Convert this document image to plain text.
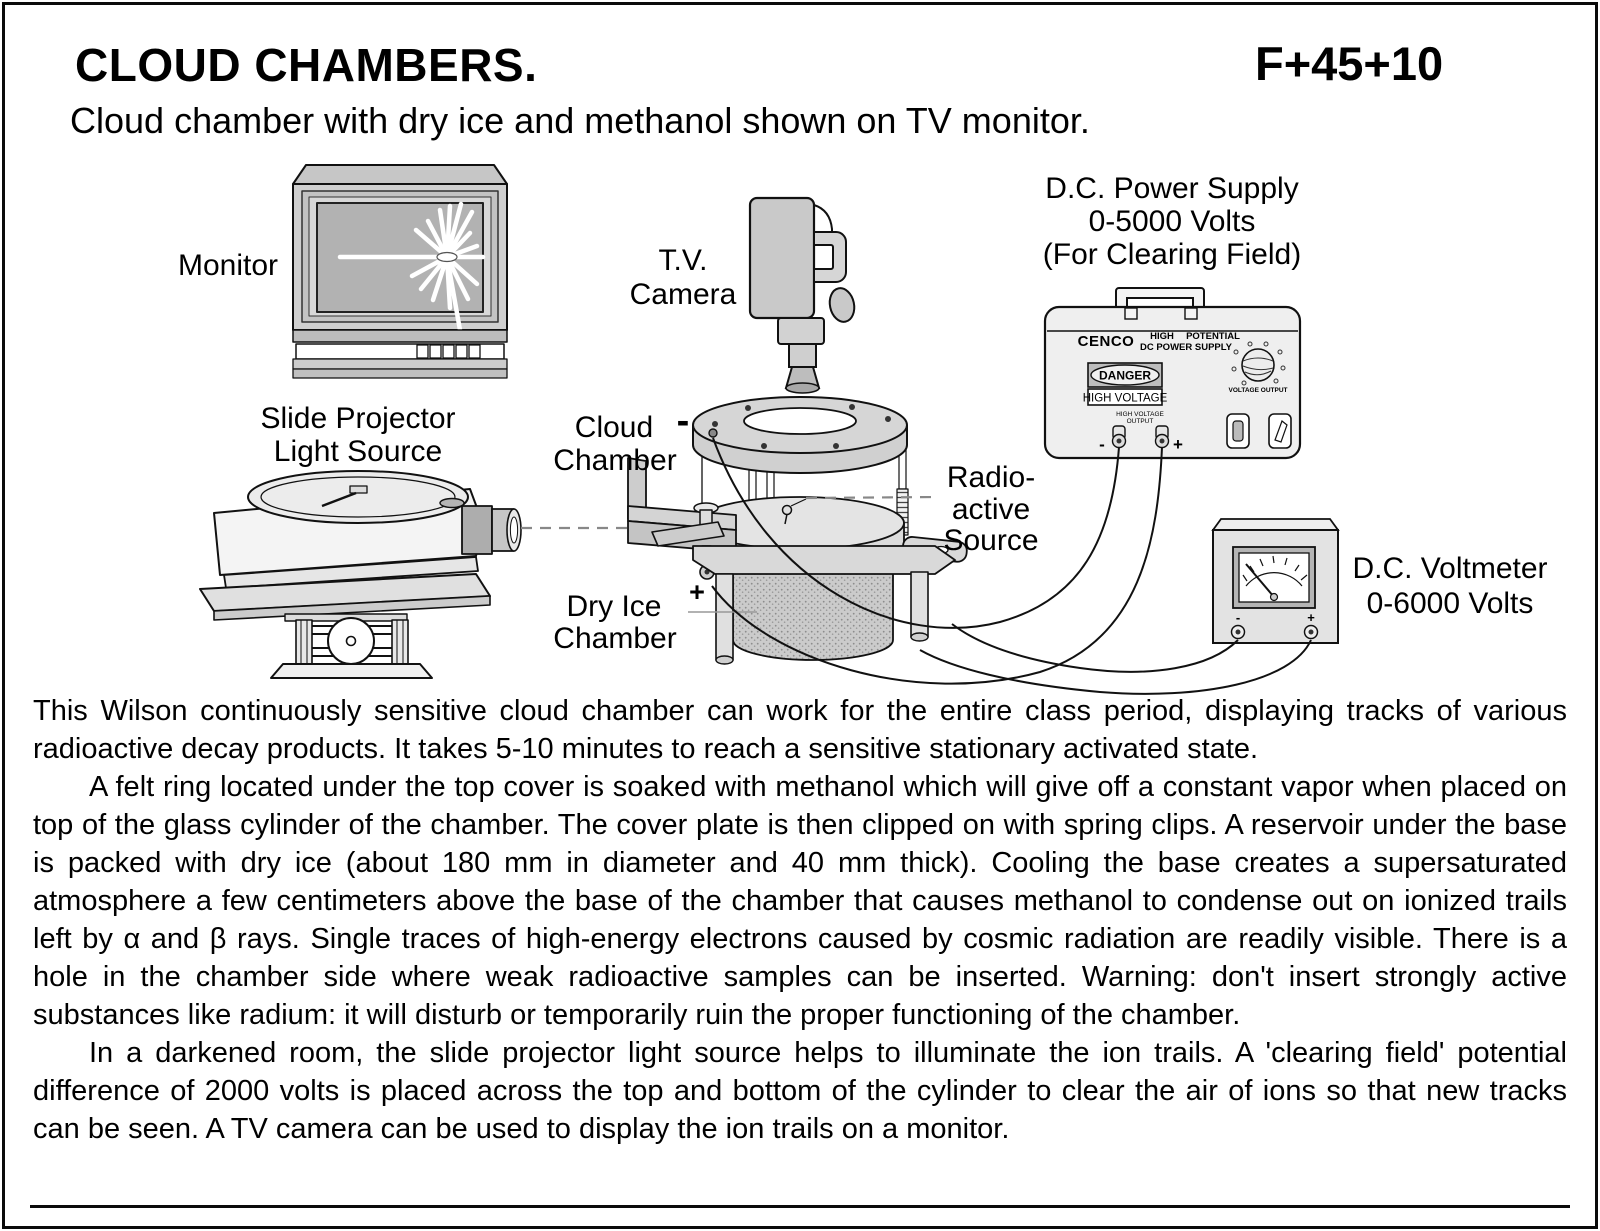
CLOUD CHAMBERS.	F+45+10
Cloud chamber with dry ice and methanol shown on TV monitor.
Monitor	T.V.
Camera
D.C. Power Supply
0-5000 Volts
(For Clearing Field)
CENCO HIGH POTENTIAL
DC POWER SUPPLY
DANGER
HIGH VOLTAGE
VOLTAGE OUTPUT
HIGH VOLTAGE
OUTPUT
-	+
Slide Projector
Light Source
Cloud
Chamber
-
Radio-
active
Source
Dry Ice
Chamber
+
-	+
D.C. Voltmeter
0-6000 Volts

This Wilson continuously sensitive cloud chamber can work for the entire class period, displaying tracks of various radioactive decay products. It takes 5-10 minutes to reach a sensitive stationary activated state.

A felt ring located under the top cover is soaked with methanol which will give off a constant vapor when placed on top of the glass cylinder of the chamber. The cover plate is then clipped on with spring clips. A reservoir under the base is packed with dry ice (about 180 mm in diameter and 40 mm thick). Cooling the base creates a supersaturated atmosphere a few centimeters above the base of the chamber that causes methanol to condense out on ionized trails left by α and β rays. Single traces of high-energy electrons caused by cosmic radiation are readily visible. There is a hole in the chamber side where weak radioactive samples can be inserted. Warning: don't insert strongly active substances like radium: it will disturb or temporarily ruin the proper functioning of the chamber.

In a darkened room, the slide projector light source helps to illuminate the ion trails. A 'clearing field' potential difference of 2000 volts is placed across the top and bottom of the cylinder to clear the air of ions so that new tracks can be seen. A TV camera can be used to display the ion trails on a monitor.
